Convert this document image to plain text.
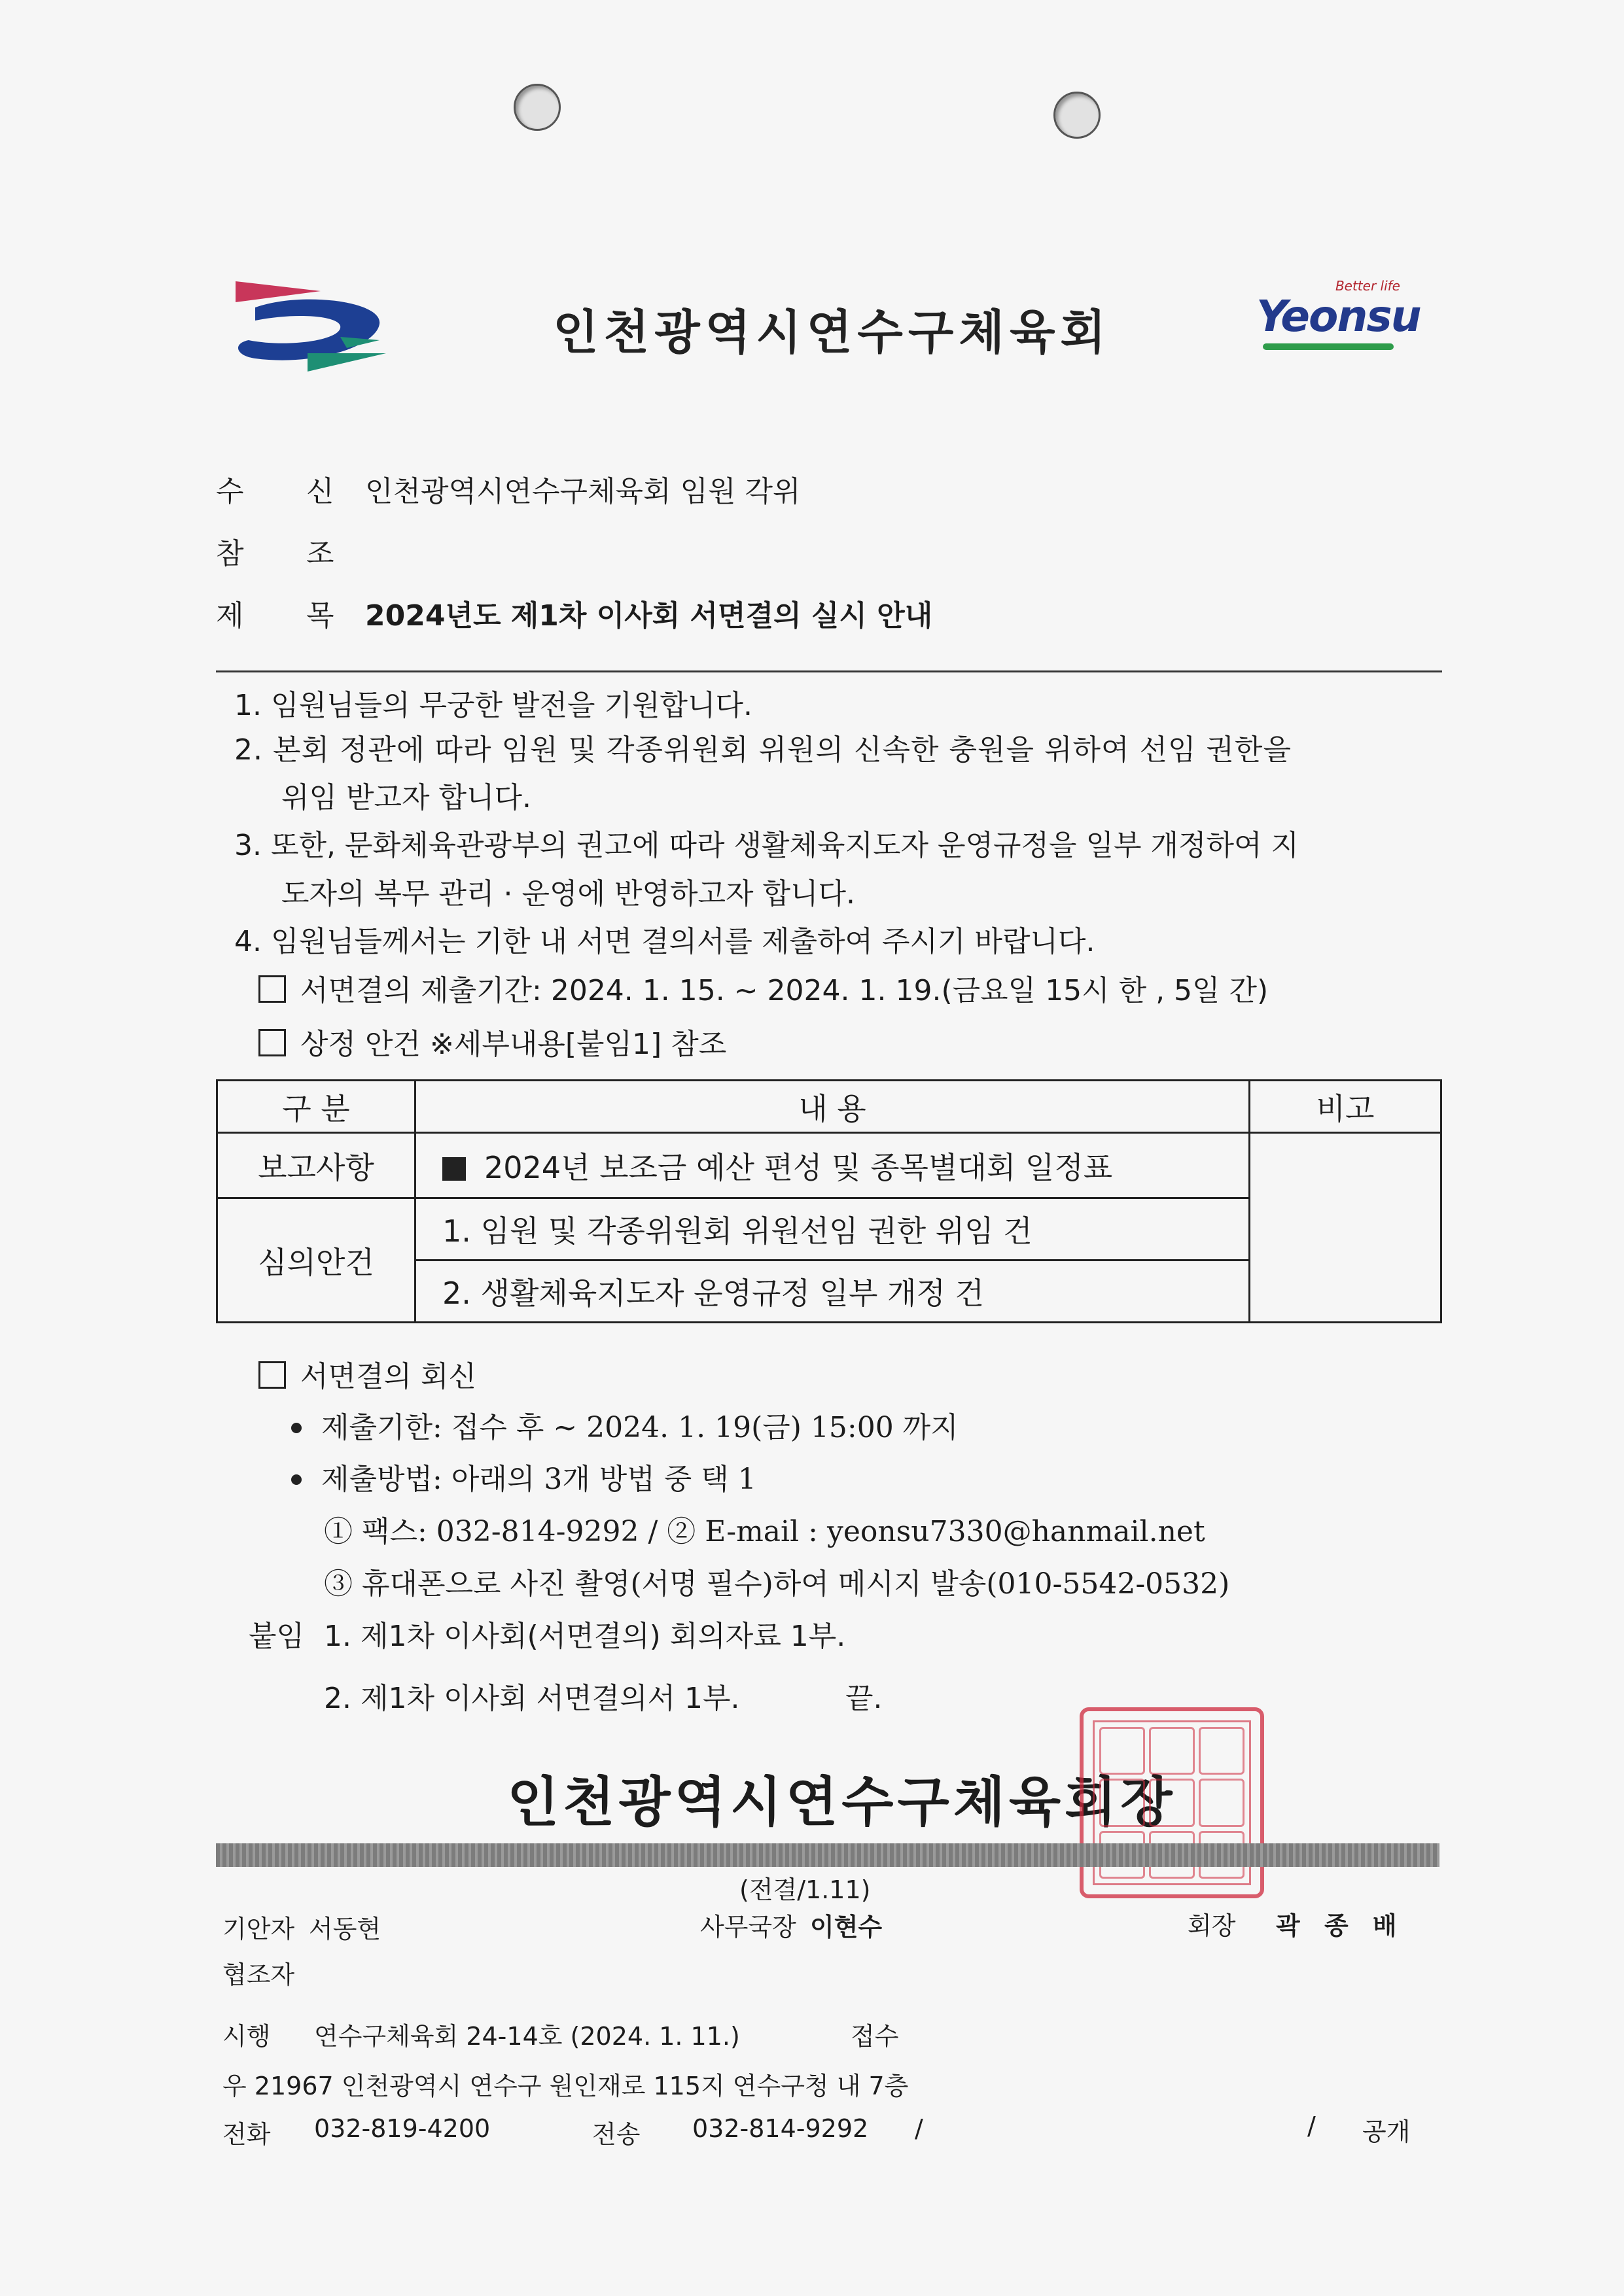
인천광역시연수구체육회
Better life
Yeonsu
수 신 인천광역시연수구체육회 임원 각위
참 조
제 목 2024년도 제1차 이사회 서면결의 실시 안내
1. 임원님들의 무궁한 발전을 기원합니다.
2. 본회 정관에 따라 임원 및 각종위원회 위원의 신속한 충원을 위하여 선임 권한을
위임 받고자 합니다.
3. 또한, 문화체육관광부의 권고에 따라 생활체육지도자 운영규정을 일부 개정하여 지
도자의 복무 관리 · 운영에 반영하고자 합니다.
4. 임원님들께서는 기한 내 서면 결의서를 제출하여 주시기 바랍니다.
서면결의 제출기간: 2024. 1. 15. ~ 2024. 1. 19.(금요일 15시 한 , 5일 간)
상정 안건 ※세부내용[붙임1] 참조
구 분	내 용	비고
보고사항	2024년 보조금 예산 편성 및 종목별대회 일정표	
심의안건	1. 임원 및 각종위원회 위원선임 권한 위임 건	
	2. 생활체육지도자 운영규정 일부 개정 건	
서면결의 회신
제출기한: 접수 후 ~ 2024. 1. 19(금) 15:00 까지
제출방법: 아래의 3개 방법 중 택 1
① 팩스: 032-814-9292 / ② E-mail : yeonsu7330@hanmail.net
③ 휴대폰으로 사진 촬영(서명 필수)하여 메시지 발송(010-5542-0532)
붙임 1. 제1차 이사회(서면결의) 회의자료 1부.
2. 제1차 이사회 서면결의서 1부.	끝.
인천광역시연수구체육회장
(전결/1.11)
기안자 서동현	사무국장 이현수	회장 곽 종 배
협조자
시행 연수구체육회 24-14호 (2024. 1. 11.)	접수
우 21967 인천광역시 연수구 원인재로 115지 연수구청 내 7층
전화 032-819-4200	전송 032-814-9292 /	/ 공개
